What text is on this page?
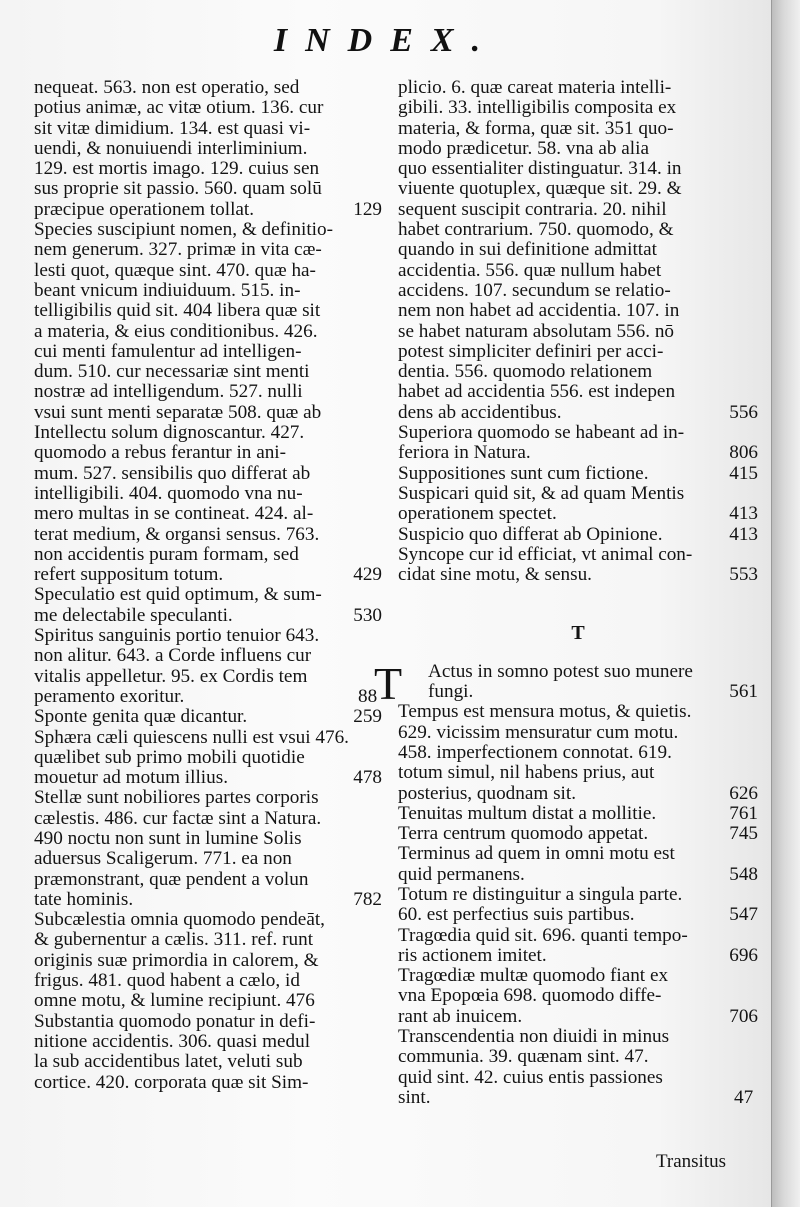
INDEX.
nequeat. 563. non est operatio, sed
potius animæ, ac vitæ otium. 136. cur
sit vitæ dimidium. 134. est quasi vi-
uendi, & nonuiuendi interliminium.
129. est mortis imago. 129. cuius sen
sus proprie sit passio. 560. quam solū
præcipue operationem tollat.	129
Species suscipiunt nomen, & definitio-
nem generum. 327. primæ in vita cæ-
lesti quot, quæque sint. 470. quæ ha-
beant vnicum indiuiduum. 515. in-
telligibilis quid sit. 404 libera quæ sit
a materia, & eius conditionibus. 426.
cui menti famulentur ad intelligen-
dum. 510. cur necessariæ sint menti
nostræ ad intelligendum. 527. nulli
vsui sunt menti separatæ 508. quæ ab
Intellectu solum dignoscantur. 427.
quomodo a rebus ferantur in ani-
mum. 527. sensibilis quo differat ab
intelligibili. 404. quomodo vna nu-
mero multas in se contineat. 424. al-
terat medium, & organsi sensus. 763.
non accidentis puram formam, sed
refert suppositum totum.	429
Speculatio est quid optimum, & sum-
me delectabile speculanti.	530
Spiritus sanguinis portio tenuior 643.
non alitur. 643. a Corde influens cur
vitalis appelletur. 95. ex Cordis tem
peramento exoritur.	88
Sponte genita quæ dicantur.	259
Sphæra cæli quiescens nulli est vsui 476.
quælibet sub primo mobili quotidie
mouetur ad motum illius.	478
Stellæ sunt nobiliores partes corporis
cælestis. 486. cur factæ sint a Natura.
490 noctu non sunt in lumine Solis
aduersus Scaligerum. 771. ea non
præmonstrant, quæ pendent a volun
tate hominis.	782
Subcælestia omnia quomodo pendeāt,
& gubernentur a cælis. 311. ref. runt
originis suæ primordia in calorem, &
frigus. 481. quod habent a cælo, id
omne motu, & lumine recipiunt. 476
Substantia quomodo ponatur in defi-
nitione accidentis. 306. quasi medul
la sub accidentibus latet, veluti sub
cortice. 420. corporata quæ sit Sim-
plicio. 6. quæ careat materia intelli-
gibili. 33. intelligibilis composita ex
materia, & forma, quæ sit. 351 quo-
modo prædicetur. 58. vna ab alia
quo essentialiter distinguatur. 314. in
viuente quotuplex, quæque sit. 29. &
sequent suscipit contraria. 20. nihil
habet contrarium. 750. quomodo, &
quando in sui definitione admittat
accidentia. 556. quæ nullum habet
accidens. 107. secundum se relatio-
nem non habet ad accidentia. 107. in
se habet naturam absolutam 556. nō
potest simpliciter definiri per acci-
dentia. 556. quomodo relationem
habet ad accidentia 556. est indepen
dens ab accidentibus.	556
Superiora quomodo se habeant ad in-
feriora in Natura.	806
Suppositiones sunt cum fictione.	415
Suspicari quid sit, & ad quam Mentis
operationem spectet.	413
Suspicio quo differat ab Opinione.	413
Syncope cur id efficiat, vt animal con-
cidat sine motu, & sensu.	553
T
T	Actus in somno potest suo munere
fungi.	561
Tempus est mensura motus, & quietis.
629. vicissim mensuratur cum motu.
458. imperfectionem connotat. 619.
totum simul, nil habens prius, aut
posterius, quodnam sit.	626
Tenuitas multum distat a mollitie.	761
Terra centrum quomodo appetat.	745
Terminus ad quem in omni motu est
quid permanens.	548
Totum re distinguitur a singula parte.
60. est perfectius suis partibus.	547
Tragœdia quid sit. 696. quanti tempo-
ris actionem imitet.	696
Tragœdiæ multæ quomodo fiant ex
vna Epopœia 698. quomodo diffe-
rant ab inuicem.	706
Transcendentia non diuidi in minus
communia. 39. quænam sint. 47.
quid sint. 42. cuius entis passiones
sint.	47
Transitus
